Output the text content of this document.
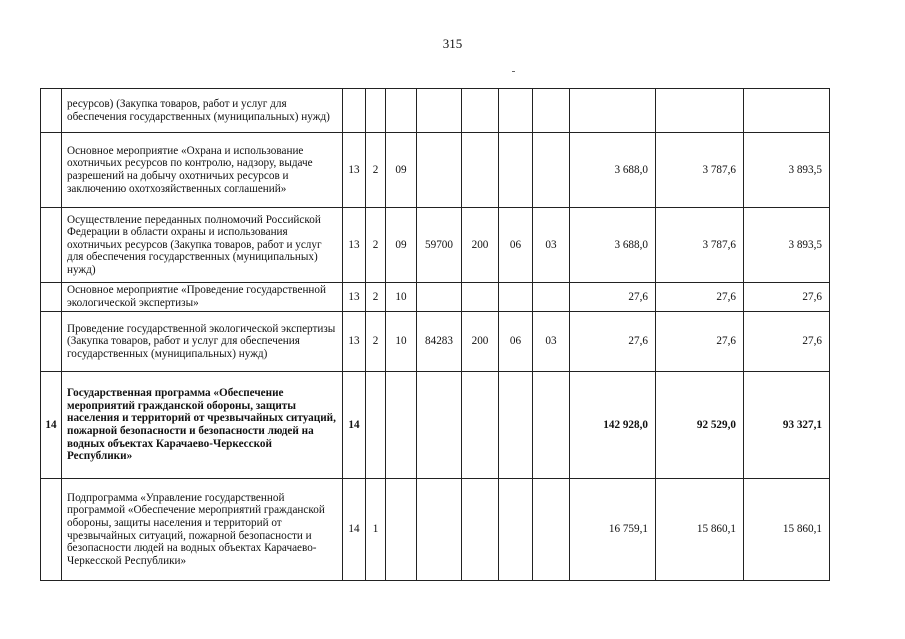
315
	ресурсов) (Закупка товаров, работ и услуг для обеспечения государственных (муниципальных) нужд)										
	Основное мероприятие «Охрана и использование охотничьих ресурсов по контролю, надзору, выдаче разрешений на добычу охотничьих ресурсов и заключению охотхозяйственных соглашений»	13	2	09					3 688,0	3 787,6	3 893,5
	Осуществление переданных полномочий Российской Федерации в области охраны и использования охотничьих ресурсов (Закупка товаров, работ и услуг для обеспечения государственных (муниципальных) нужд)	13	2	09	59700	200	06	03	3 688,0	3 787,6	3 893,5
	Основное мероприятие «Проведение государственной экологической экспертизы»	13	2	10					27,6	27,6	27,6
	Проведение государственной экологической экспертизы (Закупка товаров, работ и услуг для обеспечения государственных (муниципальных) нужд)	13	2	10	84283	200	06	03	27,6	27,6	27,6
14	Государственная программа «Обеспечение мероприятий гражданской обороны, защиты населения и территорий от чрезвычайных ситуаций, пожарной безопасности и безопасности людей на водных объектах Карачаево-Черкесской Республики»	14							142 928,0	92 529,0	93 327,1
	Подпрограмма «Управление государственной программой «Обеспечение мероприятий гражданской обороны, защиты населения и территорий от чрезвычайных ситуаций, пожарной безопасности и безопасности людей на водных объектах Карачаево-Черкесской Республики»	14	1						16 759,1	15 860,1	15 860,1
